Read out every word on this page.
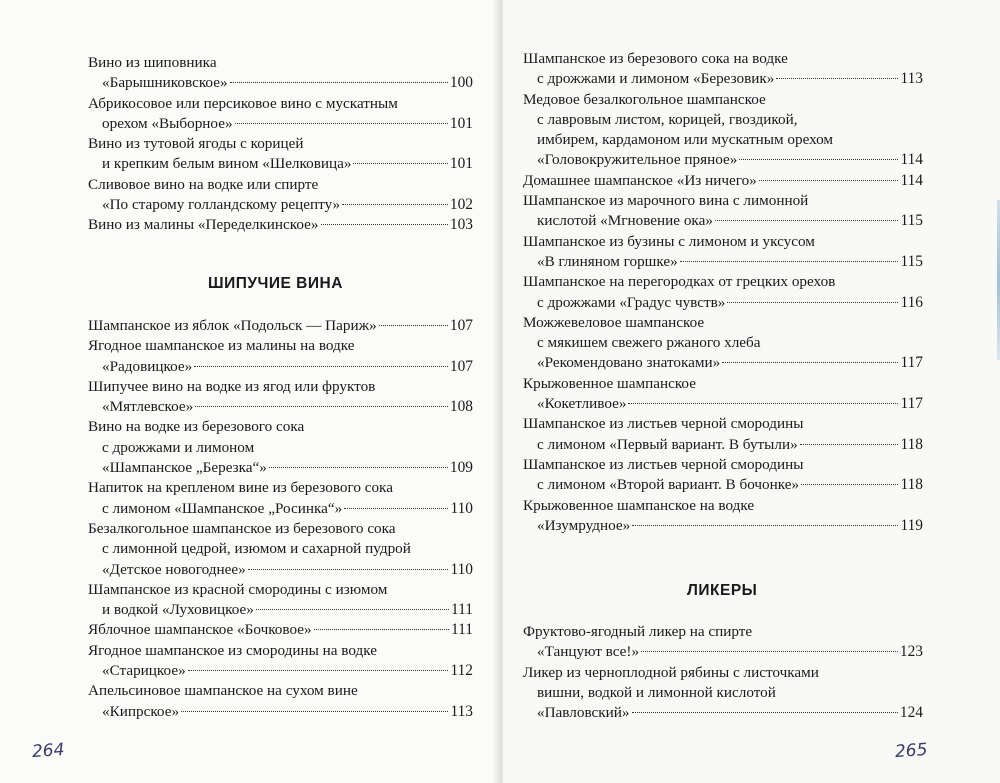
Вино из шиповника
«Барышниковское»	100
Абрикосовое или персиковое вино с мускатным
орехом «Выборное»	101
Вино из тутовой ягоды с корицей
и крепким белым вином «Шелковица»	101
Сливовое вино на водке или спирте
«По старому голландскому рецепту»	102
Вино из малины «Переделкинское»	103
ШИПУЧИЕ ВИНА
Шампанское из яблок «Подольск — Париж»	107
Ягодное шампанское из малины на водке
«Радовицкое»	107
Шипучее вино на водке из ягод или фруктов
«Мятлевское»	108
Вино на водке из березового сока
с дрожжами и лимоном
«Шампанское „Березка“»	109
Напиток на крепленом вине из березового сока
с лимоном «Шампанское „Росинка“»	110
Безалкогольное шампанское из березового сока
с лимонной цедрой, изюмом и сахарной пудрой
«Детское новогоднее»	110
Шампанское из красной смородины с изюмом
и водкой «Луховицкое»	111
Яблочное шампанское «Бочковое»	111
Ягодное шампанское из смородины на водке
«Старицкое»	112
Апельсиновое шампанское на сухом вине
«Кипрское»	113
264
Шампанское из березового сока на водке
с дрожжами и лимоном «Березовик»	113
Медовое безалкогольное шампанское
с лавровым листом, корицей, гвоздикой,
имбирем, кардамоном или мускатным орехом
«Головокружительное пряное»	114
Домашнее шампанское «Из ничего»	114
Шампанское из марочного вина с лимонной
кислотой «Мгновение ока»	115
Шампанское из бузины с лимоном и уксусом
«В глиняном горшке»	115
Шампанское на перегородках от грецких орехов
с дрожжами «Градус чувств»	116
Можжевеловое шампанское
с мякишем свежего ржаного хлеба
«Рекомендовано знатоками»	117
Крыжовенное шампанское
«Кокетливое»	117
Шампанское из листьев черной смородины
с лимоном «Первый вариант. В бутыли»	118
Шампанское из листьев черной смородины
с лимоном «Второй вариант. В бочонке»	118
Крыжовенное шампанское на водке
«Изумрудное»	119
ЛИКЕРЫ
Фруктово-ягодный ликер на спирте
«Танцуют все!»	123
Ликер из черноплодной рябины с листочками
вишни, водкой и лимонной кислотой
«Павловский»	124
265
